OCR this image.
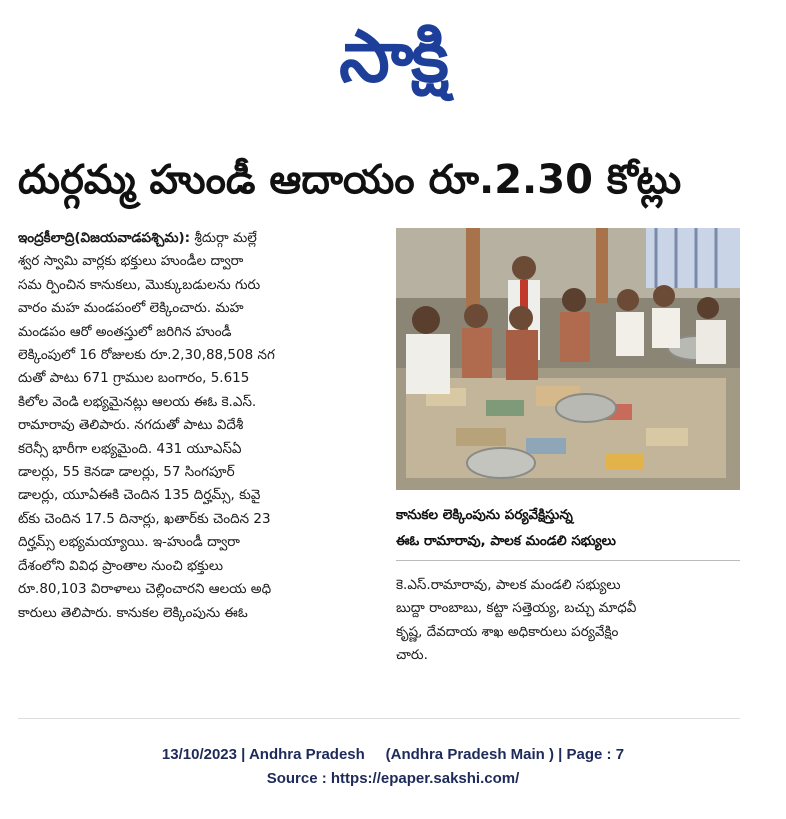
సాక్షి
దుర్గమ్మ హుండీ ఆదాయం రూ.2.30 కోట్లు
ఇంద్రకీలాద్రి(విజయవాడపశ్చిమ): శ్రీదుర్గా మల్లే
శ్వర స్వామి వార్లకు భక్తులు హుండీల ద్వారా
సమ ర్పించిన కానుకలు, మొక్కుబడులను గురు
వారం మహ మండపంలో లెక్కించారు. మహ
మండపం ఆరో అంతస్తులో జరిగిన హుండీ
లెక్కింపులో 16 రోజులకు రూ.2,30,88,508 నగ
దుతో పాటు 671 గ్రాముల బంగారం, 5.615
కిలోల వెండి లభ్యమైనట్లు ఆలయ ఈఓ కె.ఎస్.
రామారావు తెలిపారు. నగదుతో పాటు విదేశీ
కరెన్సీ భారీగా లభ్యమైంది. 431 యూఎస్‌ఏ
డాలర్లు, 55 కెనడా డాలర్లు, 57 సింగపూర్
డాలర్లు, యూఏఈకి చెందిన 135 దిర్హమ్స్, కువై
ట్‌కు చెందిన 17.5 దినార్లు, ఖతార్‌కు చెందిన 23
దిర్హమ్స్ లభ్యమయ్యాయి. ఇ-హుండీ ద్వారా
దేశంలోని వివిధ ప్రాంతాల నుంచి భక్తులు
రూ.80,103 విరాళాలు చెల్లించారని ఆలయ అధి
కారులు తెలిపారు. కానుకల లెక్కింపును ఈఓ
కానుకల లెక్కింపును పర్యవేక్షిస్తున్న
ఈఓ రామారావు, పాలక మండలి సభ్యులు
కె.ఎస్.రామారావు, పాలక మండలి సభ్యులు
బుద్దా రాంబాబు, కట్టా సత్తెయ్య, బచ్చు మాధవీ
కృష్ణ, దేవదాయ శాఖ అధికారులు పర్యవేక్షిం
చారు.
13/10/2023 | Andhra Pradesh     (Andhra Pradesh Main ) | Page : 7
Source : https://epaper.sakshi.com/
